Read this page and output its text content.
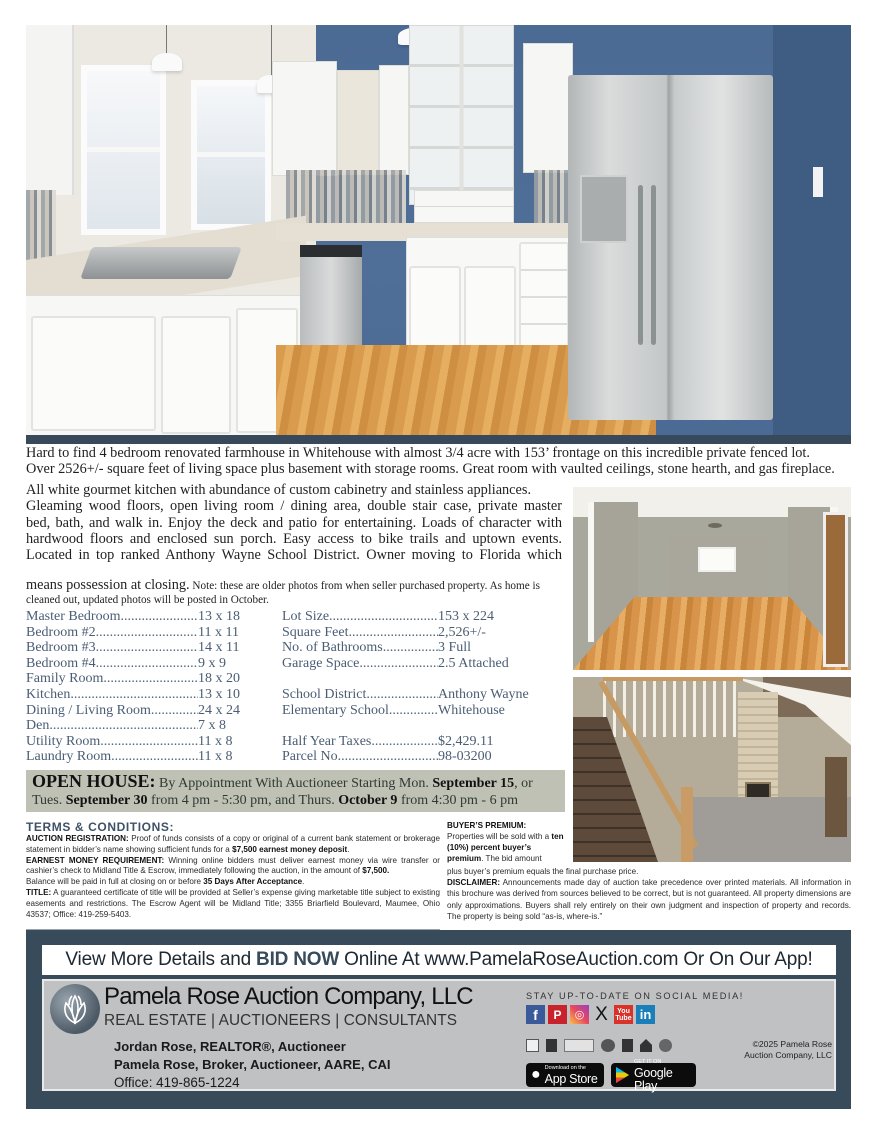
Hard to find 4 bedroom renovated farmhouse in Whitehouse with almost 3/4 acre with 153’ frontage on this incredible private fenced lot.
Over 2526+/- square feet of living space plus basement with storage rooms. Great room with vaulted ceilings, stone hearth, and gas fireplace.
All white gourmet kitchen with abundance of custom cabinetry and stainless appliances.
Gleaming wood floors, open living room / dining area, double stair case, private master
bed, bath, and walk in. Enjoy the deck and patio for entertaining. Loads of character with
hardwood floors and enclosed sun porch. Easy access to bike trails and uptown events.
Located in top ranked Anthony Wayne School District. Owner moving to Florida which
means possession at closing. Note: these are older photos from when seller purchased property. As home is cleaned out, updated photos will be posted in October.
Master Bedroom .....	13 x 18
Bedroom #2 .....	11 x 11
Bedroom #3 .....	14 x 11
Bedroom #4 .....	9 x 9
Family Room .....	18 x 20
Kitchen .....	13 x 10
Dining / Living Room .....	24 x 24
Den .....	7 x 8
Utility Room .....	11 x 8
Laundry Room .....	11 x 8
Lot Size .....	153 x 224
Square Feet .....	2,526+/-
No. of Bathrooms .....	3 Full
Garage Space .....	2.5 Attached
School District .....	Anthony Wayne
Elementary School .....	Whitehouse
Half Year Taxes .....	$2,429.11
Parcel No. .....	98-03200
OPEN HOUSE: By Appointment With Auctioneer Starting Mon. September 15, or
Tues. September 30 from 4 pm - 5:30 pm, and Thurs. October 9 from 4:30 pm - 6 pm
TERMS & CONDITIONS:

AUCTION REGISTRATION: Proof of funds consists of a copy or original of a current bank statement or brokerage statement in bidder’s name showing sufficient funds for a $7,500 earnest money deposit.

EARNEST MONEY REQUIREMENT: Winning online bidders must deliver earnest money via wire transfer or cashier’s check to Midland Title & Escrow, immediately following the auction, in the amount of $7,500.

Balance will be paid in full at closing on or before 35 Days After Acceptance.

TITLE: A guaranteed certificate of title will be provided at Seller’s expense giving marketable title subject to existing easements and restrictions. The Escrow Agent will be Midland Title; 3355 Briarfield Boulevard, Maumee, Ohio 43537; Office: 419-259-5403.

BUYER’S PREMIUM:
Properties will be sold with a ten (10%) percent buyer’s premium. The bid amount
plus buyer’s premium equals the final purchase price.
DISCLAIMER: Announcements made day of auction take precedence over printed materials. All information in this brochure was derived from sources believed to be correct, but is not guaranteed. All property dimensions are only approximations. Buyers shall rely entirely on their own judgment and inspection of property and records. The property is being sold “as-is, where-is.”
View More Details and BID NOW Online At www.PamelaRoseAuction.com Or On Our App!
Pamela Rose Auction Company, LLC
REAL ESTATE | AUCTIONEERS | CONSULTANTS
Jordan Rose, REALTOR®, Auctioneer
Pamela Rose, Broker, Auctioneer, AARE, CAI
Office: 419-865-1224
STAY UP-TO-DATE ON SOCIAL MEDIA!
f	P	◎ X	You Tube in
● Download on the
App Store
GET IT ON
Google Play
©2025 Pamela Rose Auction Company, LLC
